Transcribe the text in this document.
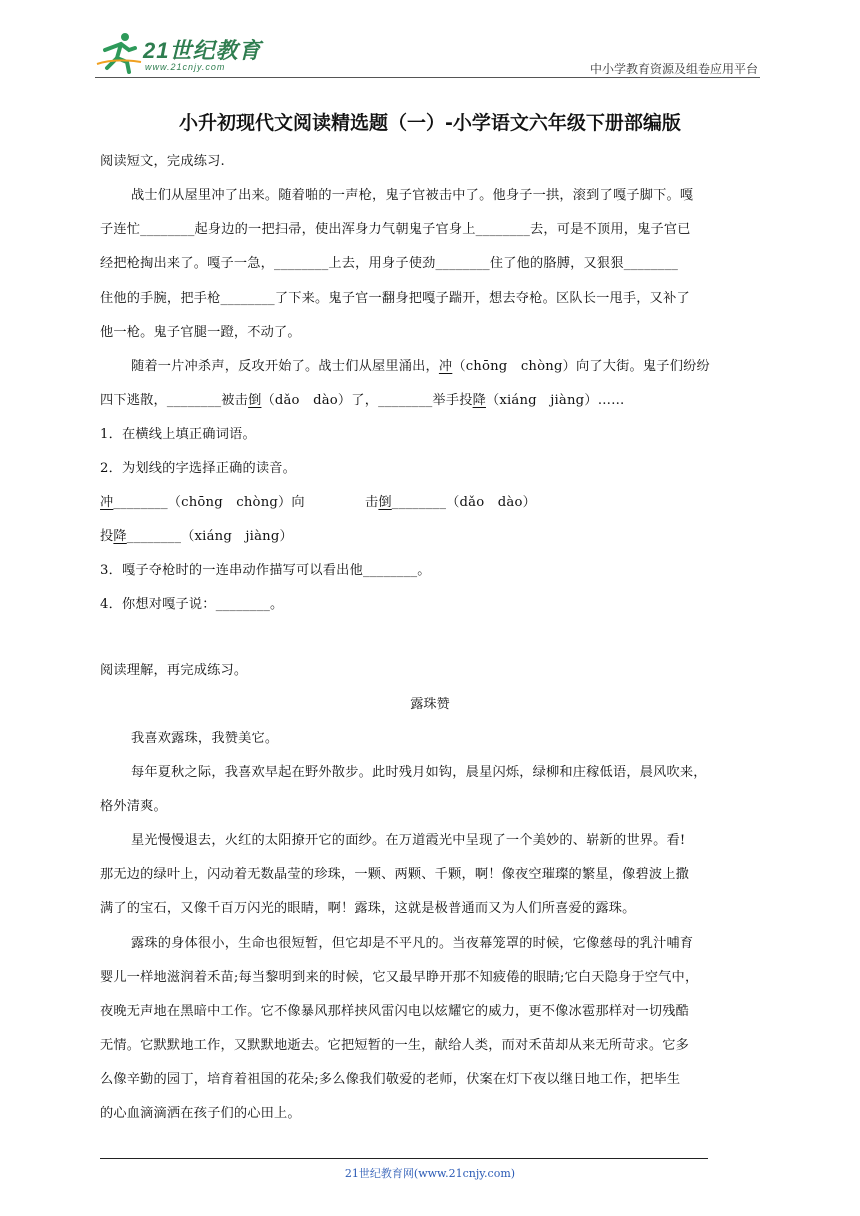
21世纪教育
www.21cnjy.com	中小学教育资源及组卷应用平台
小升初现代文阅读精选题（一）-小学语文六年级下册部编版
阅读短文，完成练习.
战士们从屋里冲了出来。随着啪的一声枪，鬼子官被击中了。他身子一拱，滚到了嘎子脚下。嘎
子连忙________起身边的一把扫帚，使出浑身力气朝鬼子官身上________去，可是不顶用，鬼子官已
经把枪掏出来了。嘎子一急，________上去，用身子使劲________住了他的胳膊，又狠狠________
住他的手腕，把手枪________了下来。鬼子官一翻身把嘎子踹开，想去夺枪。区队长一甩手，又补了
他一枪。鬼子官腿一蹬，不动了。
随着一片冲杀声，反攻开始了。战士们从屋里涌出，冲（chōng　chòng）向了大街。鬼子们纷纷
四下逃散，________被击倒（dǎo　dào）了，________举手投降（xiáng　jiàng）……
1．在横线上填正确词语。
2．为划线的字选择正确的读音。
冲________（chōng　chòng）向	击倒________（dǎo　dào）
投降________（xiáng　jiàng）
3．嘎子夺枪时的一连串动作描写可以看出他________。
4．你想对嘎子说：________。
阅读理解，再完成练习。
露珠赞
我喜欢露珠，我赞美它。
每年夏秋之际，我喜欢早起在野外散步。此时残月如钩，晨星闪烁，绿柳和庄稼低语，晨风吹来，
格外清爽。
星光慢慢退去，火红的太阳撩开它的面纱。在万道霞光中呈现了一个美妙的、崭新的世界。看!
那无边的绿叶上，闪动着无数晶莹的珍珠，一颗、两颗、千颗，啊！像夜空璀璨的繁星，像碧波上撒
满了的宝石，又像千百万闪光的眼睛，啊！露珠，这就是极普通而又为人们所喜爱的露珠。
露珠的身体很小，生命也很短暂，但它却是不平凡的。当夜幕笼罩的时候，它像慈母的乳汁哺育
婴儿一样地滋润着禾苗;每当黎明到来的时候，它又最早睁开那不知疲倦的眼睛;它白天隐身于空气中，
夜晚无声地在黑暗中工作。它不像暴风那样挟风雷闪电以炫耀它的威力，更不像冰雹那样对一切残酷
无情。它默默地工作，又默默地逝去。它把短暂的一生，献给人类，而对禾苗却从来无所苛求。它多
么像辛勤的园丁，培育着祖国的花朵;多么像我们敬爱的老师，伏案在灯下夜以继日地工作，把毕生
的心血滴滴洒在孩子们的心田上。
21世纪教育网(www.21cnjy.com)
